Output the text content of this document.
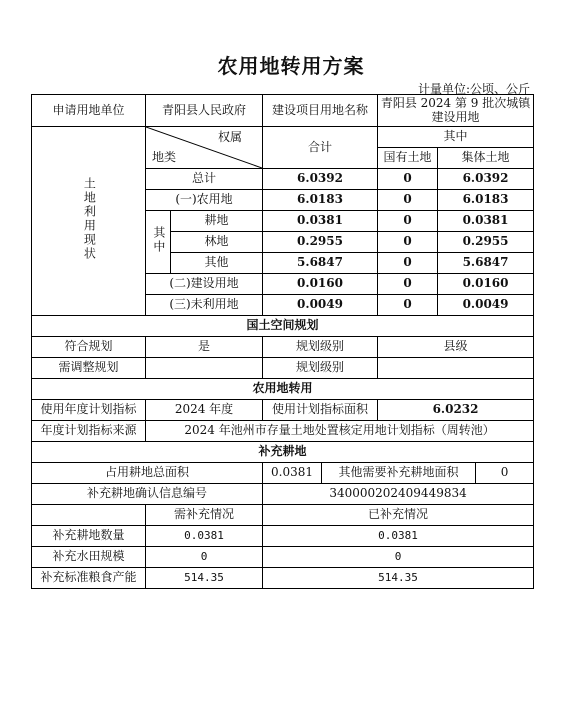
农用地转用方案
计量单位:公顷、公斤
申请用地单位	青阳县人民政府		建设项目用地名称		青阳县 2024 第 9 批次城镇建设用地		
土地利用现状	权属
地类		合计		其中		
					国有土地	集体土地	
	总计		6.0392		0	6.0392	
	(一)农用地		6.0183		0	6.0183	
	其中	耕地	0.0381		0	0.0381	
		林地	0.2955		0	0.2955	
		其他	5.6847		0	5.6847	
	(二)建设用地		0.0160		0	0.0160	
	(三)未利用地		0.0049		0	0.0049	
国土空间规划							
符合规划	是		规划级别		县级		
需调整规划			规划级别				
农用地转用							
使用年度计划指标	2024 年度		使用计划指标面积		6.0232		
年度计划指标来源	2024 年池州市存量土地处置核定用地计划指标（周转池）						
补充耕地							
占用耕地总面积			0.0381	其他需要补充耕地面积			0
补充耕地确认信息编号			340000202409449834				
	需补充情况		已补充情况				
补充耕地数量	0.0381		0.0381				
补充水田规模	0		0				
补充标准粮食产能	514.35		514.35				
